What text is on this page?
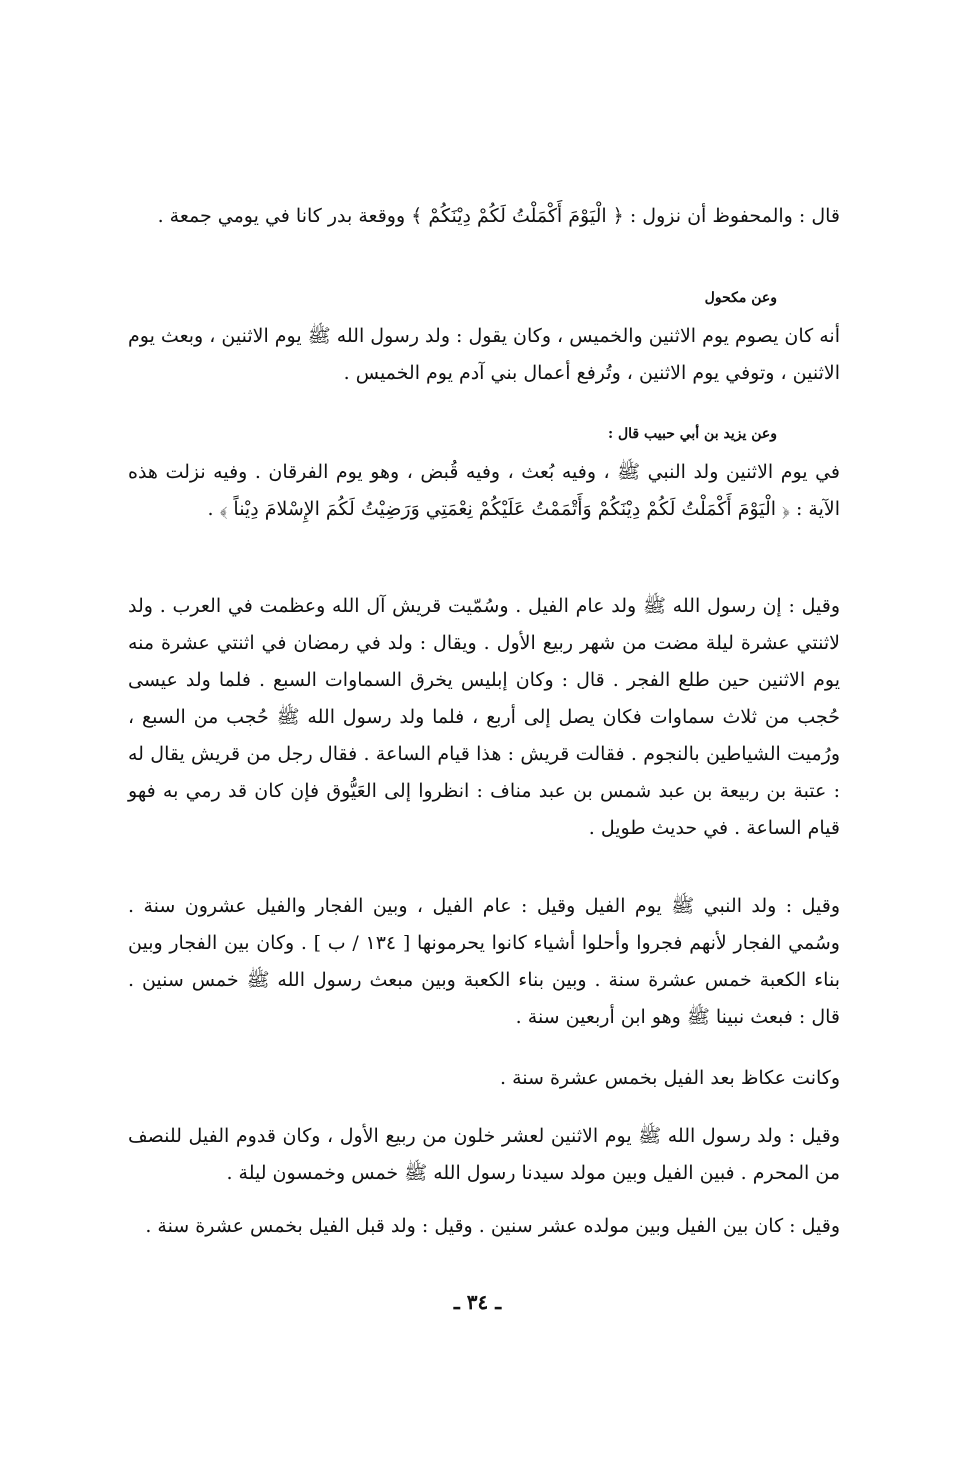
قال : والمحفوظ أن نزول : ﴿ الْيَوْمَ أَكْمَلْتُ لَكُمْ دِيْنَكُمْ ﴾ ووقعة بدر كانا في يومي جمعة .
وعن مكحول
أنه كان يصوم يوم الاثنين والخميس ، وكان يقول : ولد رسول الله ﷺ يوم الاثنين ، وبعث يوم الاثنين ، وتوفي يوم الاثنين ، وتُرفع أعمال بني آدم يوم الخميس .
وعن يزيد بن أبي حبيب قال :
في يوم الاثنين ولد النبي ﷺ ، وفيه بُعث ، وفيه قُبض ، وهو يوم الفرقان . وفيه نزلت هذه الآية : ﴿ الْيَوْمَ أَكْمَلْتُ لَكُمْ دِيْنَكُمْ وَأَتْمَمْتُ عَلَيْكُمْ نِعْمَتِي وَرَضِيْتُ لَكُمَ الإِسْلامَ دِيْناً ﴾ .
وقيل : إن رسول الله ﷺ ولد عام الفيل . وسُمّيت قريش آل الله وعظمت في العرب . ولد لاثنتي عشرة ليلة مضت من شهر ربيع الأول . ويقال : ولد في رمضان في اثنتي عشرة منه يوم الاثنين حين طلع الفجر . قال : وكان إبليس يخرق السماوات السبع . فلما ولد عيسى حُجب من ثلاث سماوات فكان يصل إلى أربع ، فلما ولد رسول الله ﷺ حُجب من السبع ، ورُميت الشياطين بالنجوم . فقالت قريش : هذا قيام الساعة . فقال رجل من قريش يقال له : عتبة بن ربيعة بن عبد شمس بن عبد مناف : انظروا إلى العَيُّوق فإن كان قد رمي به فهو قيام الساعة . في حديث طويل .
وقيل : ولد النبي ﷺ يوم الفيل وقيل : عام الفيل ، وبين الفجار والفيل عشرون سنة . وسُمي الفجار لأنهم فجروا وأحلوا أشياء كانوا يحرمونها [ ١٣٤ / ب ] . وكان بين الفجار وبين بناء الكعبة خمس عشرة سنة . وبين بناء الكعبة وبين مبعث رسول الله ﷺ خمس سنين . قال : فبعث نبينا ﷺ وهو ابن أربعين سنة .
وكانت عكاظ بعد الفيل بخمس عشرة سنة .
وقيل : ولد رسول الله ﷺ يوم الاثنين لعشر خلون من ربيع الأول ، وكان قدوم الفيل للنصف من المحرم . فبين الفيل وبين مولد سيدنا رسول الله ﷺ خمس وخمسون ليلة .
وقيل : كان بين الفيل وبين مولده عشر سنين . وقيل : ولد قبل الفيل بخمس عشرة سنة .
ـ ٣٤ ـ
